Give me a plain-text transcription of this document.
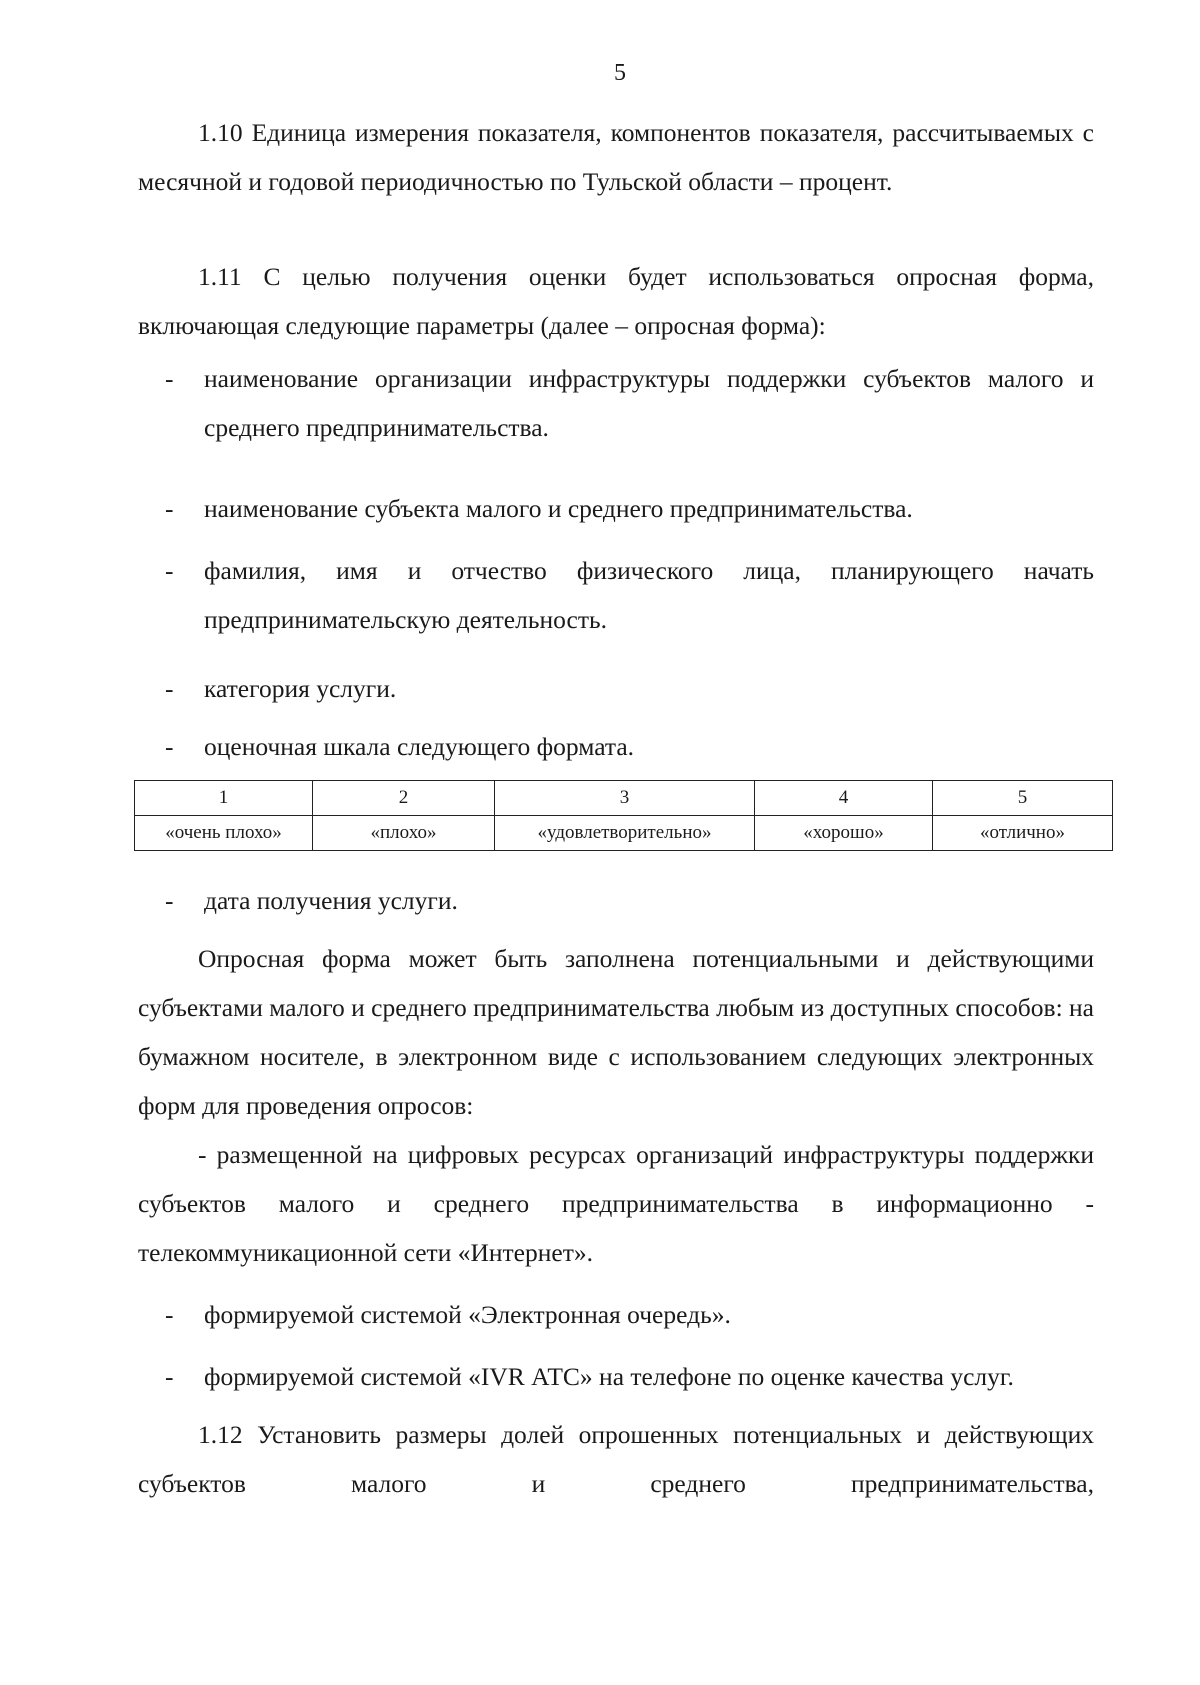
5
1.10 Единица измерения показателя, компонентов показателя, рассчитываемых с месячной и годовой периодичностью по Тульской области – процент.
1.11 С целью получения оценки будет использоваться опросная форма, включающая следующие параметры (далее – опросная форма):
- наименование организации инфраструктуры поддержки субъектов малого и среднего предпринимательства.
- наименование субъекта малого и среднего предпринимательства.
- фамилия, имя и отчество физического лица, планирующего начать предпринимательскую деятельность.
- категория услуги.
- оценочная шкала следующего формата.
1	2	3	4	5
«очень плохо»	«плохо»	«удовлетворительно»	«хорошо»	«отлично»
- дата получения услуги.
Опросная форма может быть заполнена потенциальными и действующими субъектами малого и среднего предпринимательства любым из доступных способов: на бумажном носителе, в электронном виде с использованием следующих электронных форм для проведения опросов:
- размещенной на цифровых ресурсах организаций инфраструктуры поддержки субъектов малого и среднего предпринимательства в информационно - телекоммуникационной сети «Интернет».
- формируемой системой «Электронная очередь».
- формируемой системой «IVR АТС» на телефоне по оценке качества услуг.
1.12 Установить размеры долей опрошенных потенциальных и действующих субъектов малого и среднего предпринимательства,
